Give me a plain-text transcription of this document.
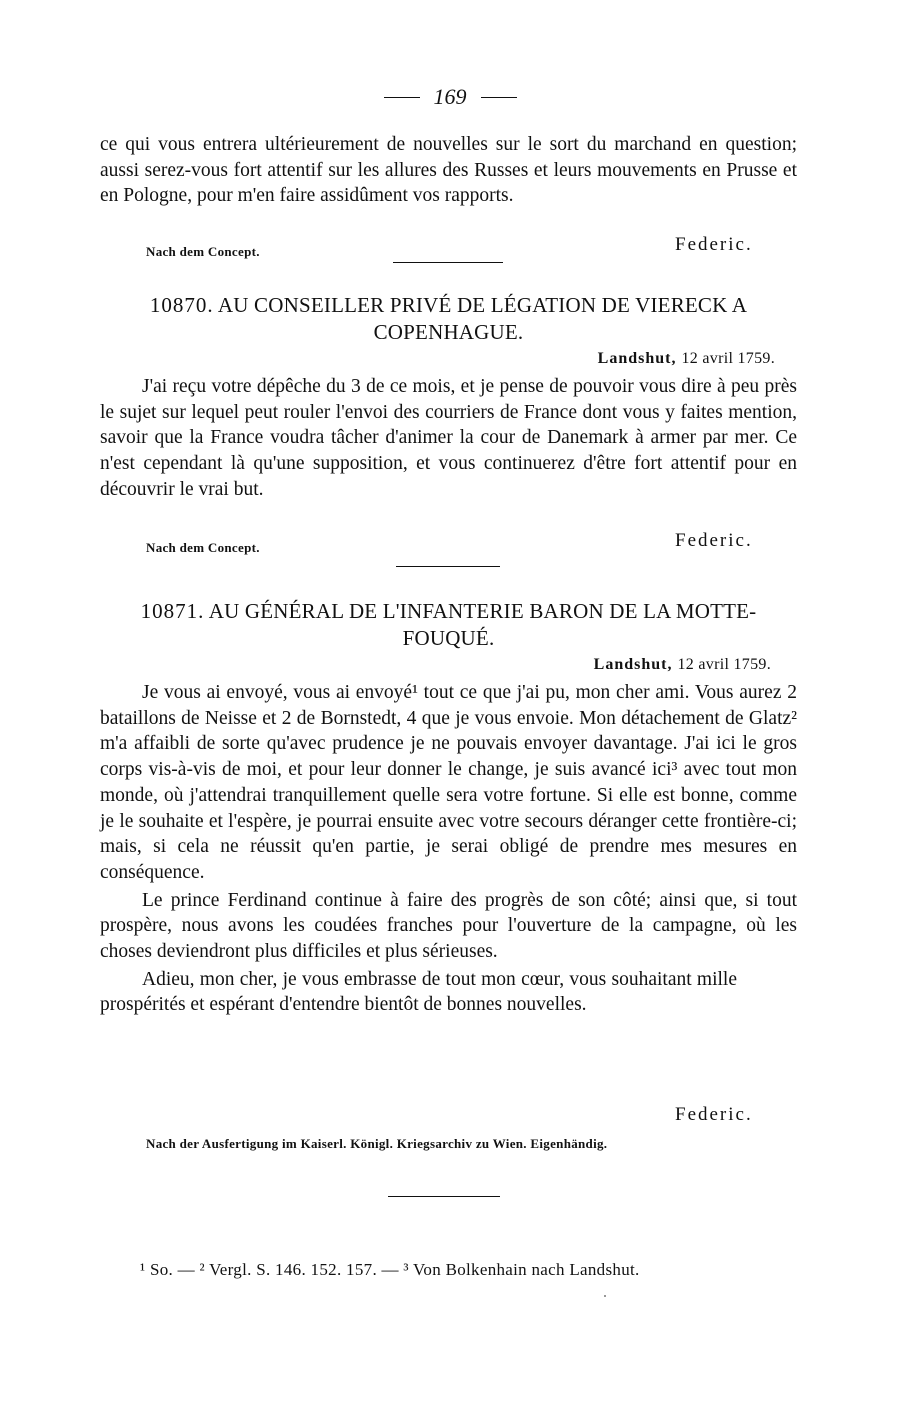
169

ce qui vous entrera ultérieurement de nouvelles sur le sort du marchand en question; aussi serez-vous fort attentif sur les allures des Russes et leurs mouvements en Prusse et en Pologne, pour m'en faire assidûment vos rapports.

Nach dem Concept.	Federic.
10870. AU CONSEILLER PRIVÉ DE LÉGATION DE VIERECK A COPENHAGUE.
Landshut, 12 avril 1759.

J'ai reçu votre dépêche du 3 de ce mois, et je pense de pouvoir vous dire à peu près le sujet sur lequel peut rouler l'envoi des courriers de France dont vous y faites mention, savoir que la France voudra tâcher d'animer la cour de Danemark à armer par mer. Ce n'est cependant là qu'une supposition, et vous continuerez d'être fort attentif pour en découvrir le vrai but.

Nach dem Concept.	Federic.
10871. AU GÉNÉRAL DE L'INFANTERIE BARON DE LA MOTTE-FOUQUÉ.
Landshut, 12 avril 1759.

Je vous ai envoyé, vous ai envoyé¹ tout ce que j'ai pu, mon cher ami. Vous aurez 2 bataillons de Neisse et 2 de Bornstedt, 4 que je vous envoie. Mon détachement de Glatz² m'a affaibli de sorte qu'avec prudence je ne pouvais envoyer davantage. J'ai ici le gros corps vis-à-vis de moi, et pour leur donner le change, je suis avancé ici³ avec tout mon monde, où j'attendrai tranquillement quelle sera votre fortune. Si elle est bonne, comme je le souhaite et l'espère, je pourrai ensuite avec votre secours déranger cette frontière-ci; mais, si cela ne réussit qu'en partie, je serai obligé de prendre mes mesures en conséquence.

Le prince Ferdinand continue à faire des progrès de son côté; ainsi que, si tout prospère, nous avons les coudées franches pour l'ouverture de la campagne, où les choses deviendront plus difficiles et plus sérieuses.

Adieu, mon cher, je vous embrasse de tout mon cœur, vous souhaitant mille prospérités et espérant d'entendre bientôt de bonnes nouvelles.

Federic.
Nach der Ausfertigung im Kaiserl. Königl. Kriegsarchiv zu Wien. Eigenhändig.
¹ So. — ² Vergl. S. 146. 152. 157. — ³ Von Bolkenhain nach Landshut.
